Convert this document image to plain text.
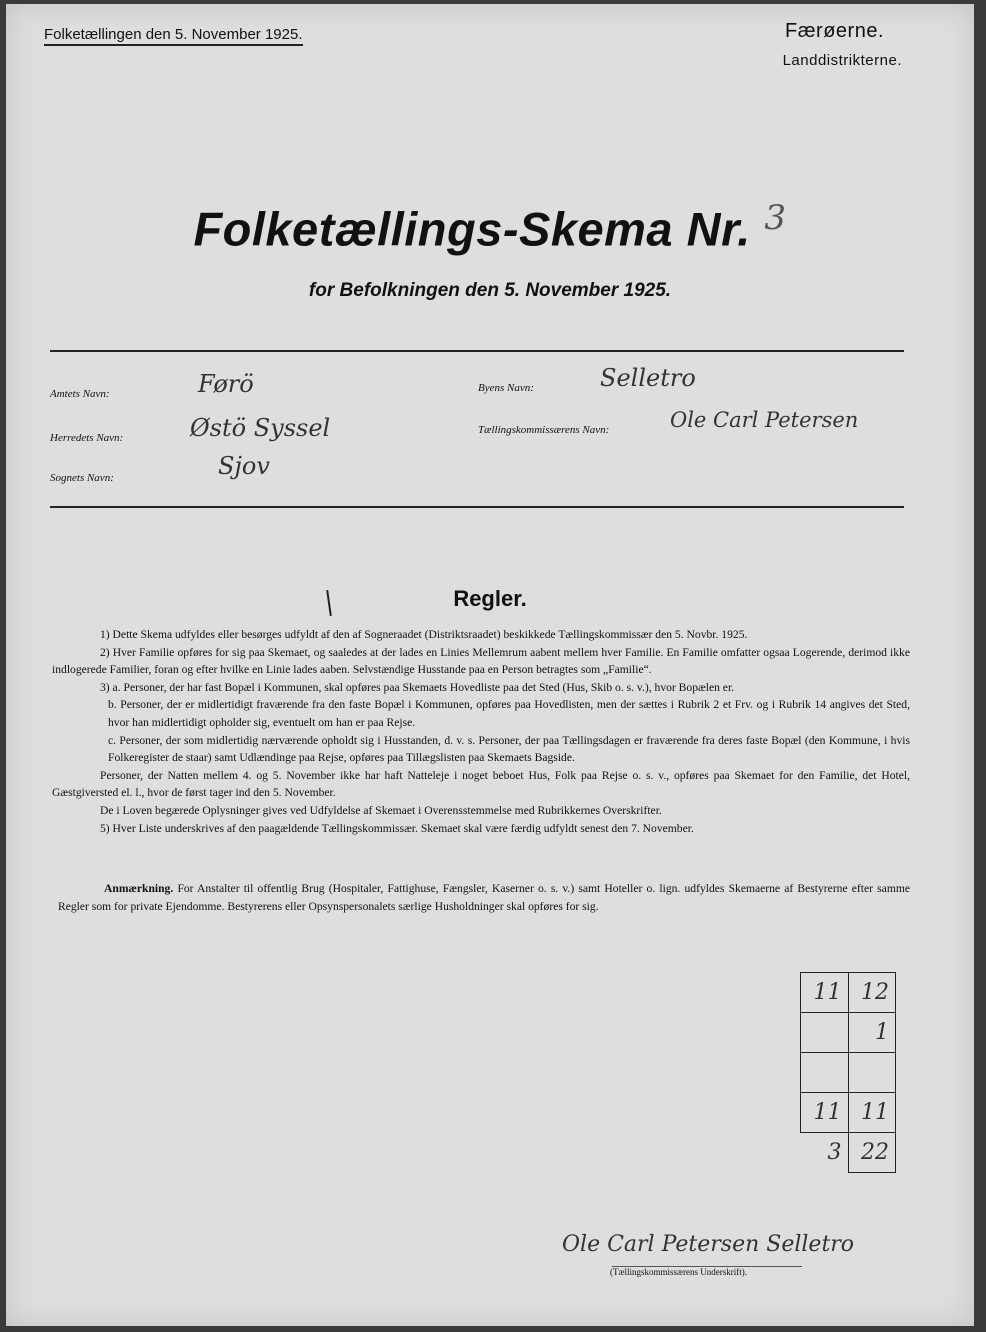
Folketællingen den 5. November 1925.	Færøerne.
Landdistrikterne.
Folketællings-Skema Nr. $^3$
for Befolkningen den 5. November 1925.
Amtets Navn:	Førö
Herredets Navn:	Østö Syssel
Sognets Navn:	Sjov
Byens Navn:	Selletro
Tællingskommissærens Navn:	Ole Carl Petersen
Regler.

1) Dette Skema udfyldes eller besørges udfyldt af den af Sogneraadet (Distriktsraadet) beskikkede Tællingskommissær den 5. Novbr. 1925.

2) Hver Familie opføres for sig paa Skemaet, og saaledes at der lades en Linies Mellemrum aabent mellem hver Familie. En Familie omfatter ogsaa Logerende, derimod ikke indlogerede Familier, foran og efter hvilke en Linie lades aaben. Selvstændige Husstande paa en Person betragtes som „Familie“.

3) a. Personer, der har fast Bopæl i Kommunen, skal opføres paa Skemaets Hovedliste paa det Sted (Hus, Skib o. s. v.), hvor Bopælen er.

b. Personer, der er midlertidigt fraværende fra den faste Bopæl i Kommunen, opføres paa Hovedlisten, men der sættes i Rubrik 2 et Frv. og i Rubrik 14 angives det Sted, hvor han midlertidigt opholder sig, eventuelt om han er paa Rejse.

c. Personer, der som midlertidig nærværende opholdt sig i Husstanden, d. v. s. Personer, der paa Tællingsdagen er fraværende fra deres faste Bopæl (den Kommune, i hvis Folkeregister de staar) samt Udlændinge paa Rejse, opføres paa Tillægslisten paa Skemaets Bagside.

Personer, der Natten mellem 4. og 5. November ikke har haft Natteleje i noget beboet Hus, Folk paa Rejse o. s. v., opføres paa Skemaet for den Familie, det Hotel, Gæstgiversted el. l., hvor de først tager ind den 5. November.

De i Loven begærede Oplysninger gives ved Udfyldelse af Skemaet i Overensstemmelse med Rubrikkernes Overskrifter.

5) Hver Liste underskrives af den paagældende Tællingskommissær. Skemaet skal være færdig udfyldt senest den 7. November.

Anmærkning. For Anstalter til offentlig Brug (Hospitaler, Fattighuse, Fængsler, Kaserner o. s. v.) samt Hoteller o. lign. udfyldes Skemaerne af Bestyrerne efter samme Regler som for private Ejendomme. Bestyrerens eller Opsynspersonalets særlige Husholdninger skal opføres for sig.
11	12
	1

11	11
3	22
Ole Carl Petersen Selletro
(Tællingskommissærens Underskrift).
